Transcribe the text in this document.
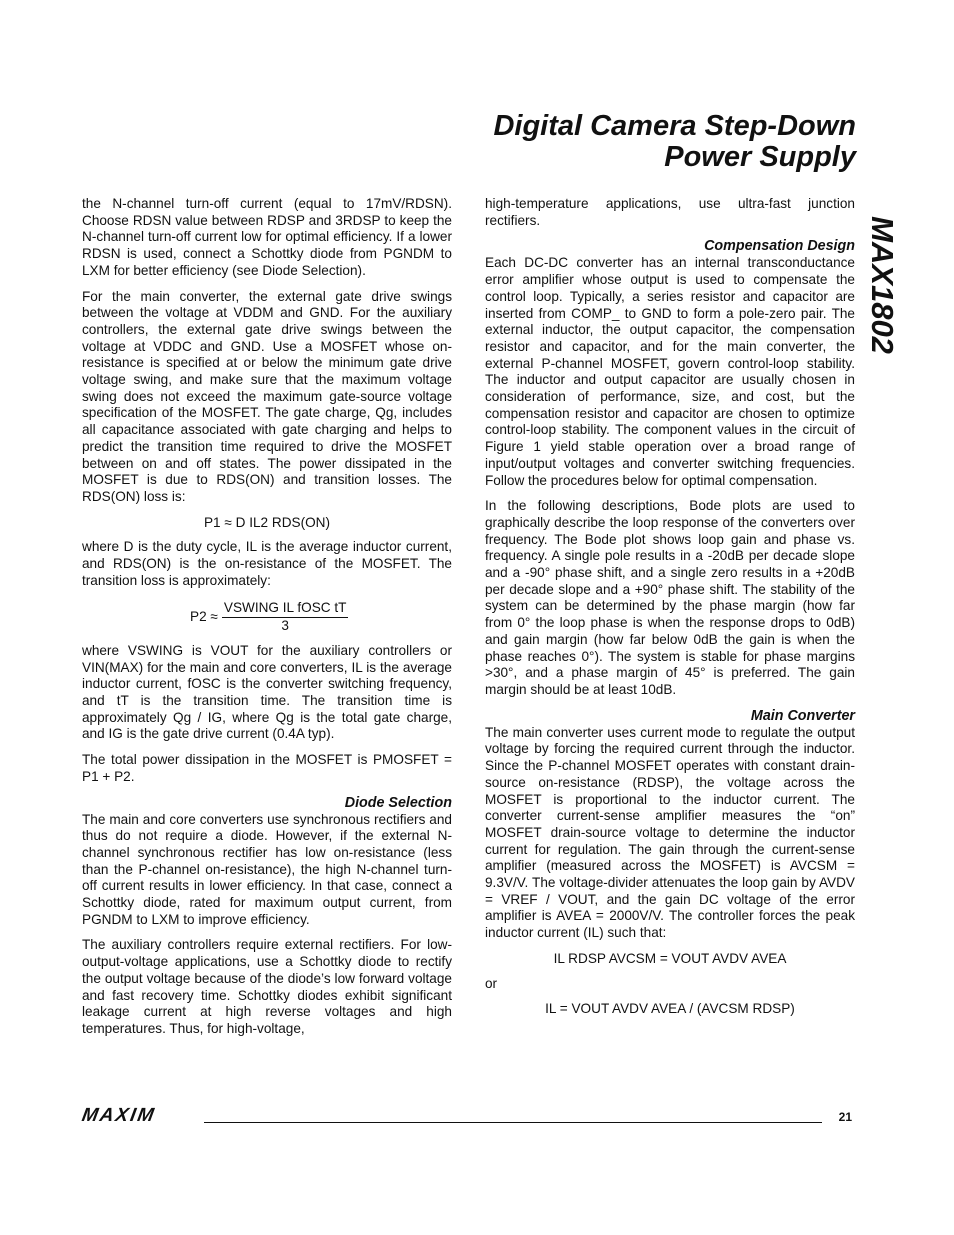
Digital Camera Step-Down
Power Supply
MAX1802

the N-channel turn-off current (equal to 17mV/RDSN). Choose RDSN value between RDSP and 3RDSP to keep the N-channel turn-off current low for optimal efficiency. If a lower RDSN is used, connect a Schottky diode from PGNDM to LXM for better efficiency (see Diode Selection).

For the main converter, the external gate drive swings between the voltage at VDDM and GND. For the auxiliary controllers, the external gate drive swings between the voltage at VDDC and GND. Use a MOSFET whose on-resistance is specified at or below the minimum gate drive voltage swing, and make sure that the maximum voltage swing does not exceed the maximum gate-source voltage specification of the MOSFET. The gate charge, Qg, includes all capacitance associated with gate charging and helps to predict the transition time required to drive the MOSFET between on and off states. The power dissipated in the MOSFET is due to RDS(ON) and transition losses. The RDS(ON) loss is:

P1 ≈ D IL2 RDS(ON)

where D is the duty cycle, IL is the average inductor current, and RDS(ON) is the on-resistance of the MOSFET. The transition loss is approximately:

$P2 \approx \frac{\text{VSWING IL fOSC tT}}{3}$

where VSWING is VOUT for the auxiliary controllers or VIN(MAX) for the main and core converters, IL is the average inductor current, fOSC is the converter switching frequency, and tT is the transition time. The transition time is approximately Qg / IG, where Qg is the total gate charge, and IG is the gate drive current (0.4A typ).

The total power dissipation in the MOSFET is PMOSFET = P1 + P2.

Diode Selection

The main and core converters use synchronous rectifiers and thus do not require a diode. However, if the external N-channel synchronous rectifier has low on-resistance (less than the P-channel on-resistance), the high N-channel turn-off current results in lower efficiency. In that case, connect a Schottky diode, rated for maximum output current, from PGNDM to LXM to improve efficiency.

The auxiliary controllers require external rectifiers. For low-output-voltage applications, use a Schottky diode to rectify the output voltage because of the diode’s low forward voltage and fast recovery time. Schottky diodes exhibit significant leakage current at high reverse voltages and high temperatures. Thus, for high-voltage,

high-temperature applications, use ultra-fast junction rectifiers.

Compensation Design

Each DC-DC converter has an internal transconductance error amplifier whose output is used to compensate the control loop. Typically, a series resistor and capacitor are inserted from COMP_ to GND to form a pole-zero pair. The external inductor, the output capacitor, the compensation resistor and capacitor, and for the main converter, the external P-channel MOSFET, govern control-loop stability. The inductor and output capacitor are usually chosen in consideration of performance, size, and cost, but the compensation resistor and capacitor are chosen to optimize control-loop stability. The component values in the circuit of Figure 1 yield stable operation over a broad range of input/output voltages and converter switching frequencies. Follow the procedures below for optimal compensation.

In the following descriptions, Bode plots are used to graphically describe the loop response of the converters over frequency. The Bode plot shows loop gain and phase vs. frequency. A single pole results in a -20dB per decade slope and a -90° phase shift, and a single zero results in a +20dB per decade slope and a +90° phase shift. The stability of the system can be determined by the phase margin (how far from 0° the loop phase is when the response drops to 0dB) and gain margin (how far below 0dB the gain is when the phase reaches 0°). The system is stable for phase margins >30°, and a phase margin of 45° is preferred. The gain margin should be at least 10dB.

Main Converter

The main converter uses current mode to regulate the output voltage by forcing the required current through the inductor. Since the P-channel MOSFET operates with constant drain-source on-resistance (RDSP), the voltage across the MOSFET is proportional to the inductor current. The converter current-sense amplifier measures the “on” MOSFET drain-source voltage to determine the inductor current for regulation. The gain through the current-sense amplifier (measured across the MOSFET) is AVCSM = 9.3V/V. The voltage-divider attenuates the loop gain by AVDV = VREF / VOUT, and the gain DC voltage of the error amplifier is AVEA = 2000V/V. The controller forces the peak inductor current (IL) such that:

IL RDSP AVCSM = VOUT AVDV AVEA

or

IL = VOUT AVDV AVEA / (AVCSM RDSP)
MAXIM	21
